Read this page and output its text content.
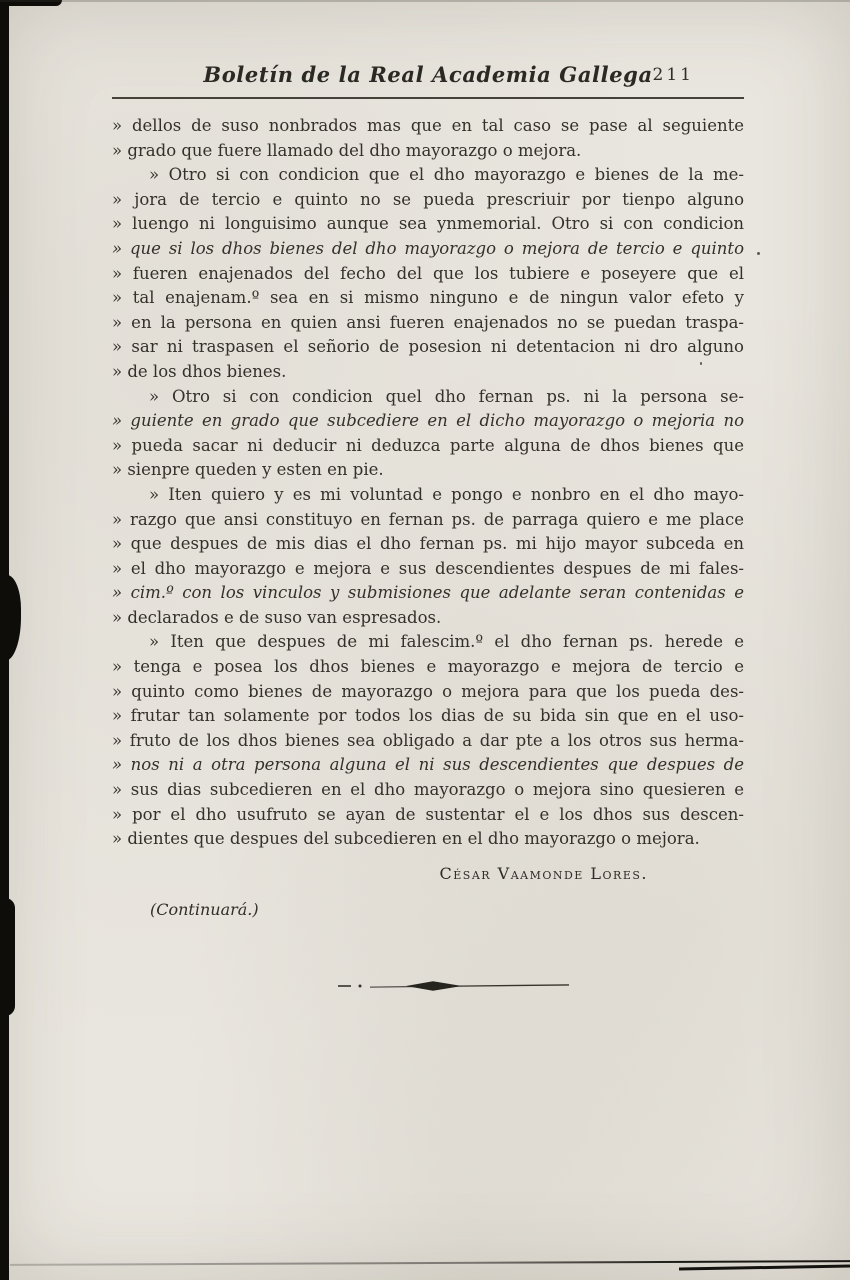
Boletín de la Real Academia Gallega 211
» dellos de suso nonbrados mas que en tal caso se pase al seguiente
» grado que fuere llamado del dho mayorazgo o mejora.
» Otro si con condicion que el dho mayorazgo e bienes de la me-
» jora de tercio e quinto no se pueda prescriuir por tienpo alguno
» luengo ni longuisimo aunque sea ynmemorial. Otro si con condicion
» que si los dhos bienes del dho mayorazgo o mejora de tercio e quinto
» fueren enajenados del fecho del que los tubiere e poseyere que el
» tal enajenam.º sea en si mismo ninguno e de ningun valor efeto y
» en la persona en quien ansi fueren enajenados no se puedan traspa-
» sar ni traspasen el señorio de posesion ni detentacion ni dro alguno
» de los dhos bienes.
» Otro si con condicion quel dho fernan ps. ni la persona se-
» guiente en grado que subcediere en el dicho mayorazgo o mejoria no
» pueda sacar ni deducir ni deduzca parte alguna de dhos bienes que
» sienpre queden y esten en pie.
» Iten quiero y es mi voluntad e pongo e nonbro en el dho mayo-
» razgo que ansi constituyo en fernan ps. de parraga quiero e me place
» que despues de mis dias el dho fernan ps. mi hijo mayor subceda en
» el dho mayorazgo e mejora e sus descendientes despues de mi fales-
» cim.º con los vinculos y submisiones que adelante seran contenidas e
» declarados e de suso van espresados.
» Iten que despues de mi falescim.º el dho fernan ps. herede e
» tenga e posea los dhos bienes e mayorazgo e mejora de tercio e
» quinto como bienes de mayorazgo o mejora para que los pueda des-
» frutar tan solamente por todos los dias de su bida sin que en el uso-
» fruto de los dhos bienes sea obligado a dar pte a los otros sus herma-
» nos ni a otra persona alguna el ni sus descendientes que despues de
» sus dias subcedieren en el dho mayorazgo o mejora sino quesieren e
» por el dho usufruto se ayan de sustentar el e los dhos sus descen-
» dientes que despues del subcedieren en el dho mayorazgo o mejora.
César Vaamonde Lores.
(Continuará.)
